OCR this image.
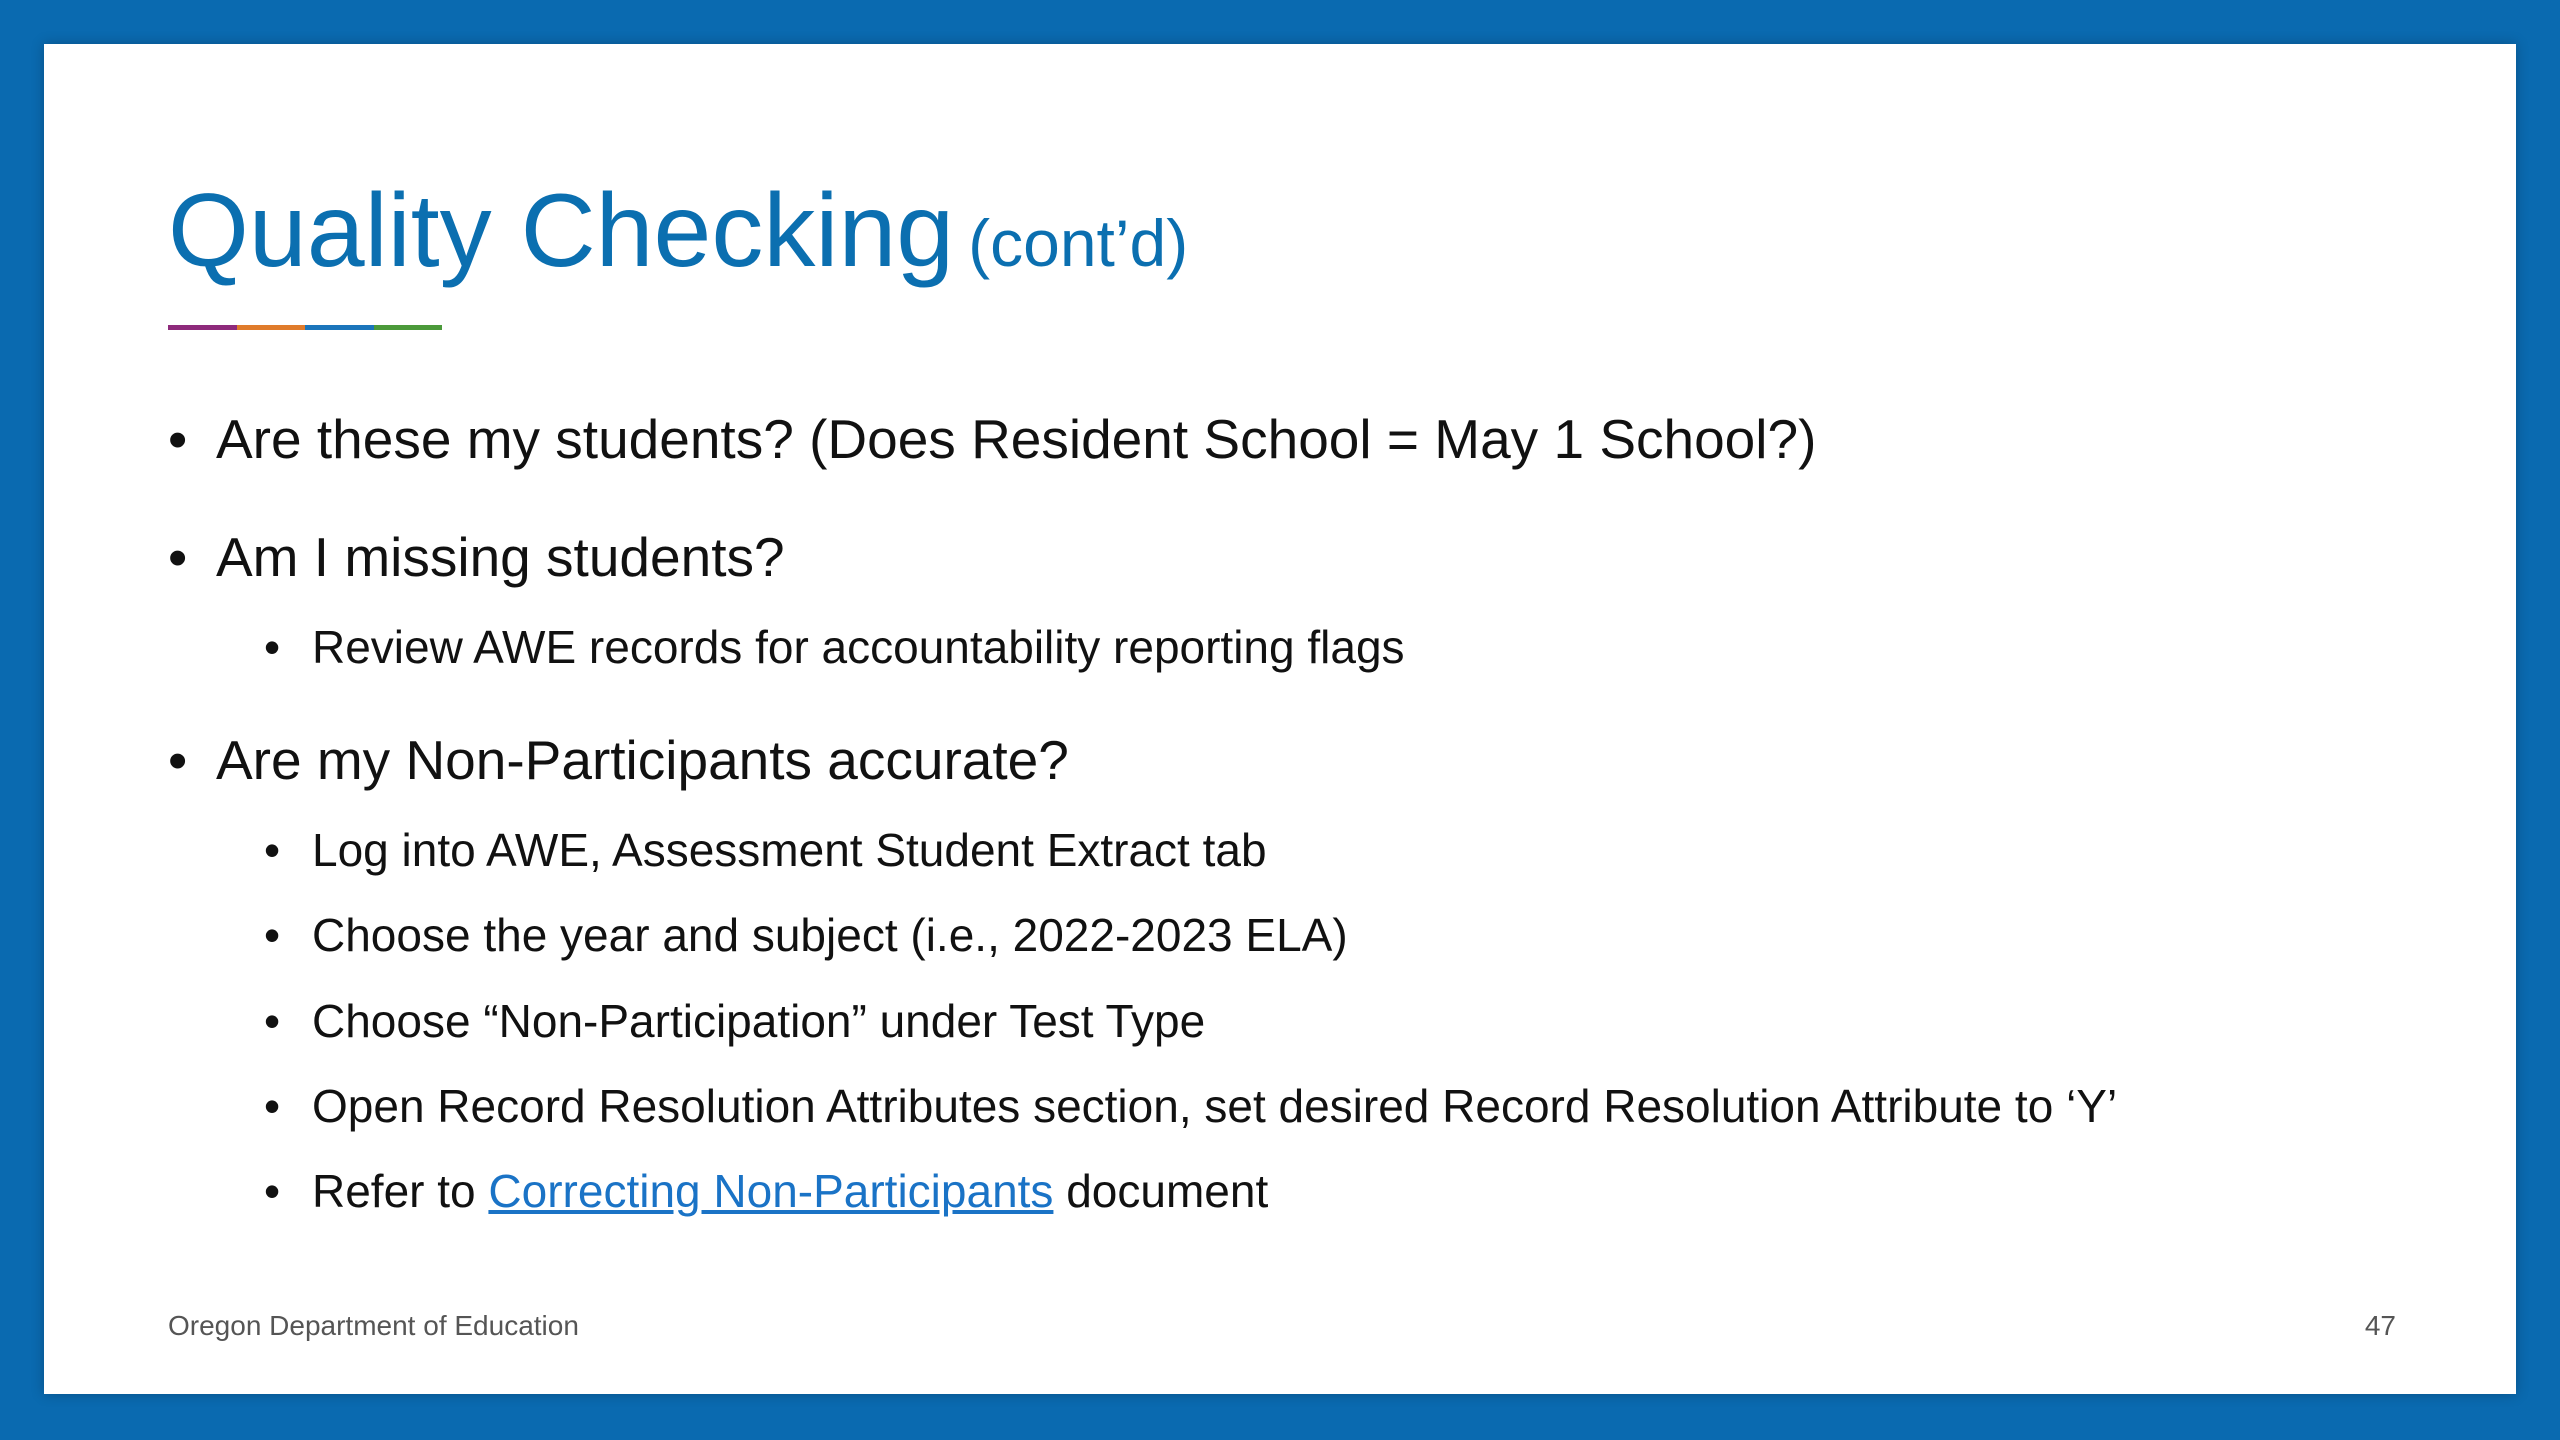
Quality Checking (cont’d)
• Are these my students? (Does Resident School = May 1 School?)
• Am I missing students?
• Review AWE records for accountability reporting flags
• Are my Non-Participants accurate?
• Log into AWE, Assessment Student Extract tab
• Choose the year and subject (i.e., 2022-2023 ELA)
• Choose “Non-Participation” under Test Type
• Open Record Resolution Attributes section, set desired Record Resolution Attribute to ‘Y’
• Refer to Correcting Non-Participants document
Oregon Department of Education	47
